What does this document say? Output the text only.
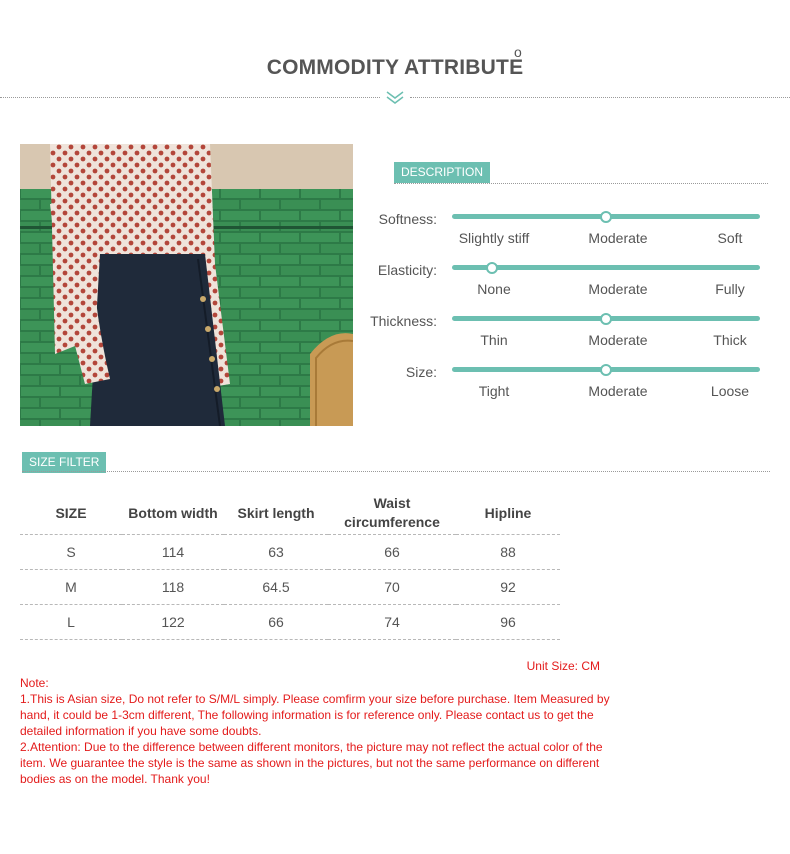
COMMODITY ATTRIBUTE
o
DESCRIPTION
Softness:
Slightly stiff	Moderate	Soft
Elasticity:
None	Moderate	Fully
Thickness:
Thin	Moderate	Thick
Size:
Tight	Moderate	Loose
SIZE FILTER
SIZE	Bottom width	Skirt length	Waist circumference	Hipline
S	114	63	66	88
M	118	64.5	70	92
L	122	66	74	96
Unit Size: CM

Note:

1.This is Asian size, Do not refer to S/M/L simply. Please comfirm your size before purchase. Item Measured by hand, it could be 1-3cm different, The following information is for reference only. Please contact us to get the detailed information if you have some doubts.

2.Attention: Due to the difference between different monitors, the picture may not reflect the actual color of the item. We guarantee the style is the same as shown in the pictures, but not the same performance on different bodies as on the model. Thank you!
